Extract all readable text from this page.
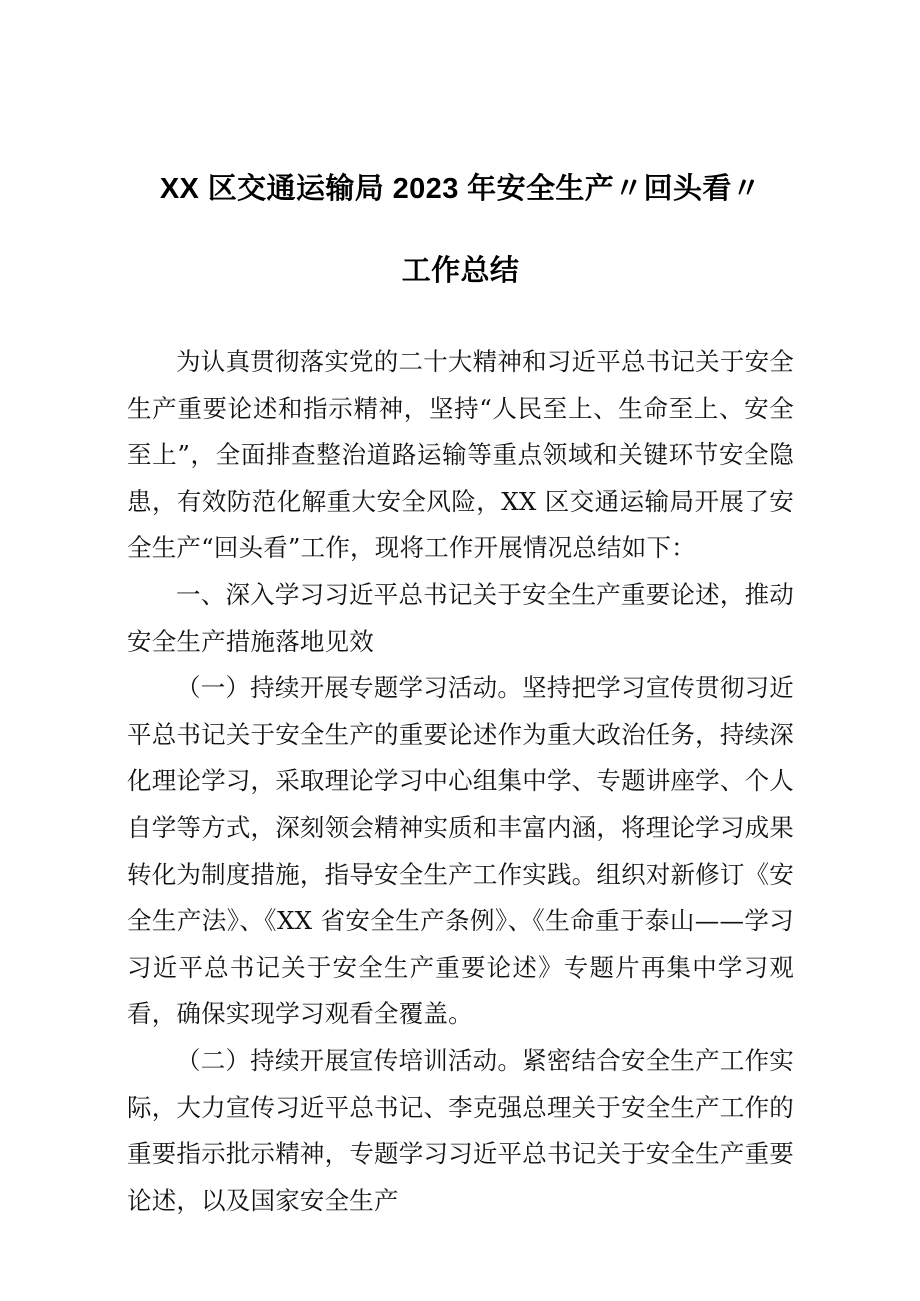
XX 区交通运输局 2023 年安全生产〃回头看〃
工作总结

为认真贯彻落实党的二十大精神和习近平总书记关于安全生产重要论述和指示精神，坚持“人民至上、生命至上、安全至上”，全面排查整治道路运输等重点领域和关键环节安全隐患，有效防范化解重大安全风险，XX 区交通运输局开展了安全生产“回头看”工作，现将工作开展情况总结如下：

一、深入学习习近平总书记关于安全生产重要论述，推动安全生产措施落地见效

（一）持续开展专题学习活动。坚持把学习宣传贯彻习近平总书记关于安全生产的重要论述作为重大政治任务，持续深化理论学习，采取理论学习中心组集中学、专题讲座学、个人自学等方式，深刻领会精神实质和丰富内涵，将理论学习成果转化为制度措施，指导安全生产工作实践。组织对新修订《安全生产法》、《XX 省安全生产条例》、《生命重于泰山——学习习近平总书记关于安全生产重要论述》专题片再集中学习观看，确保实现学习观看全覆盖。

（二）持续开展宣传培训活动。紧密结合安全生产工作实际，大力宣传习近平总书记、李克强总理关于安全生产工作的重要指示批示精神，专题学习习近平总书记关于安全生产重要论述，以及国家安全生产
